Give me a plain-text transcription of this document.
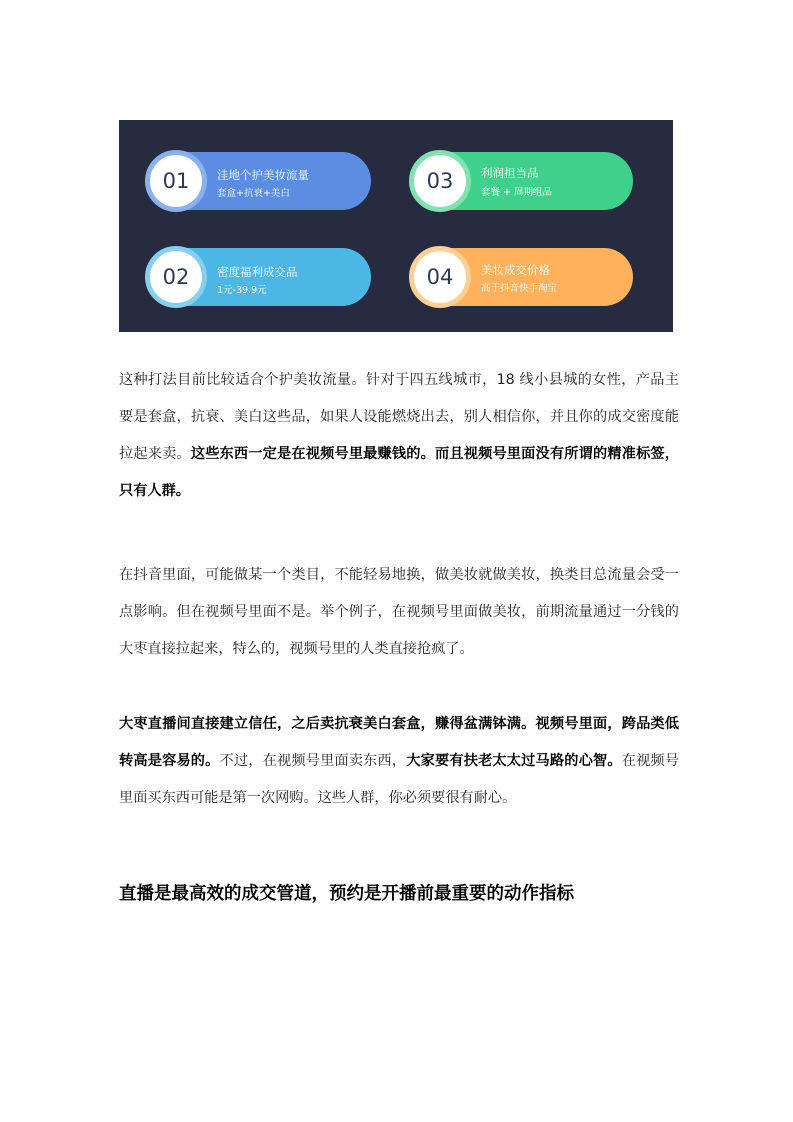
洼地个护美妆流量
套盒+抗衰+美白
01	利润担当品
套餐 + 周期组品
03
密度福利成交品
1元-39.9元
02	美妆成交价格
高于抖音快手淘宝
04

这种打法目前比较适合个护美妆流量。针对于四五线城市，18 线小县城的女性，产品主要是套盒，抗衰、美白这些品，如果人设能燃烧出去，别人相信你，并且你的成交密度能拉起来卖。这些东西一定是在视频号里最赚钱的。而且视频号里面没有所谓的精准标签，只有人群。

在抖音里面，可能做某一个类目，不能轻易地换，做美妆就做美妆，换类目总流量会受一点影响。但在视频号里面不是。举个例子，在视频号里面做美妆，前期流量通过一分钱的大枣直接拉起来，特么的，视频号里的人类直接抢疯了。

大枣直播间直接建立信任，之后卖抗衰美白套盒，赚得盆满钵满。视频号里面，跨品类低转高是容易的。不过，在视频号里面卖东西，大家要有扶老太太过马路的心智。在视频号里面买东西可能是第一次网购。这些人群，你必须要很有耐心。

直播是最高效的成交管道，预约是开播前最重要的动作指标
